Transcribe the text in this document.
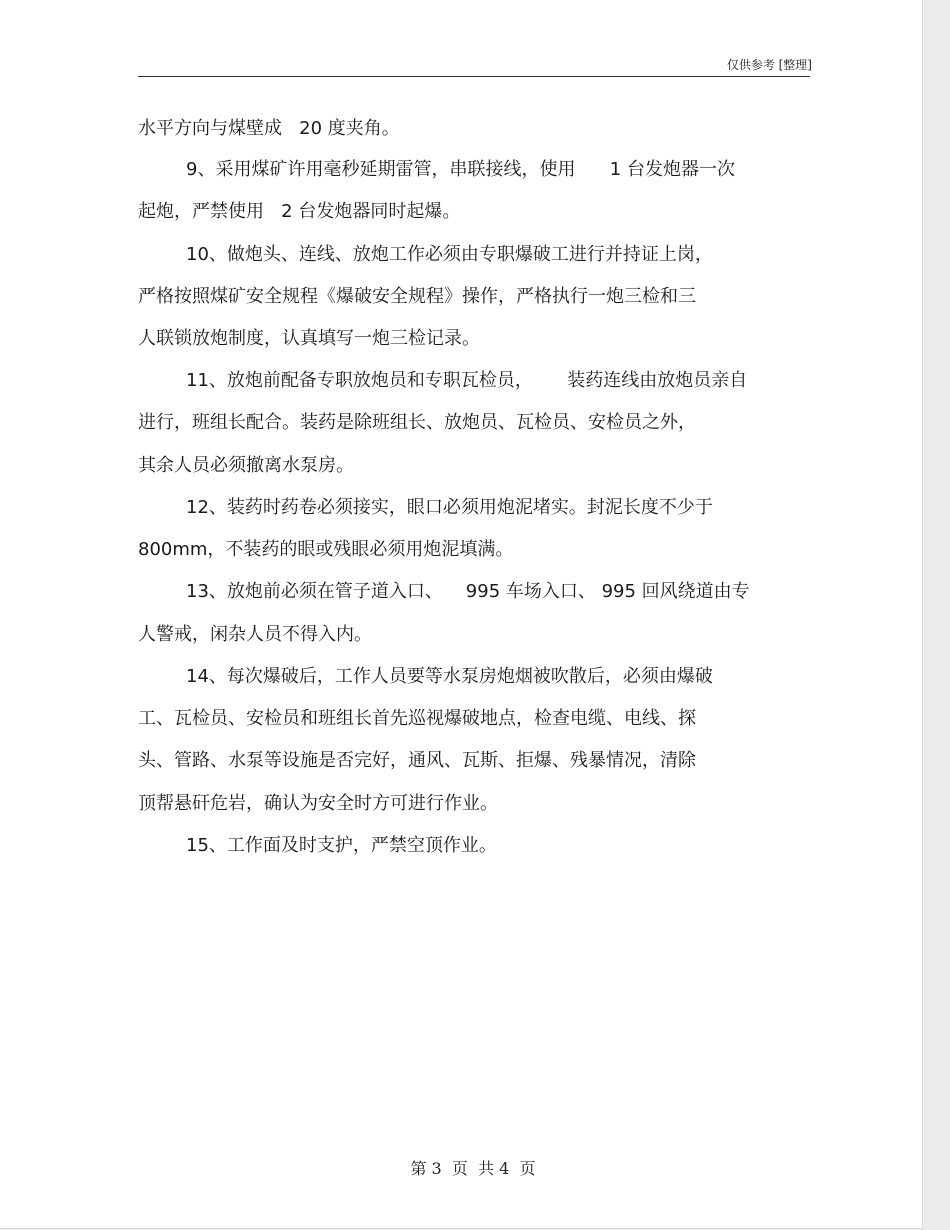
仅供参考 [整理]
水平方向与煤壁成   20 度夹角。
9、采用煤矿许用毫秒延期雷管，串联接线，使用      1 台发炮器一次
起炮，严禁使用   2 台发炮器同时起爆。
10、做炮头、连线、放炮工作必须由专职爆破工进行并持证上岗，
严格按照煤矿安全规程《爆破安全规程》操作，严格执行一炮三检和三
人联锁放炮制度，认真填写一炮三检记录。
11、放炮前配备专职放炮员和专职瓦检员，      装药连线由放炮员亲自
进行，班组长配合。装药是除班组长、放炮员、瓦检员、安检员之外，
其余人员必须撤离水泵房。
12、装药时药卷必须接实，眼口必须用炮泥堵实。封泥长度不少于
800mm，不装药的眼或残眼必须用炮泥填满。
13、放炮前必须在管子道入口、    995 车场入口、 995 回风绕道由专
人警戒，闲杂人员不得入内。
14、每次爆破后，工作人员要等水泵房炮烟被吹散后，必须由爆破
工、瓦检员、安检员和班组长首先巡视爆破地点，检查电缆、电线、探
头、管路、水泵等设施是否完好，通风、瓦斯、拒爆、残暴情况，清除
顶帮悬矸危岩，确认为安全时方可进行作业。
15、工作面及时支护，严禁空顶作业。
第 3  页  共 4  页
